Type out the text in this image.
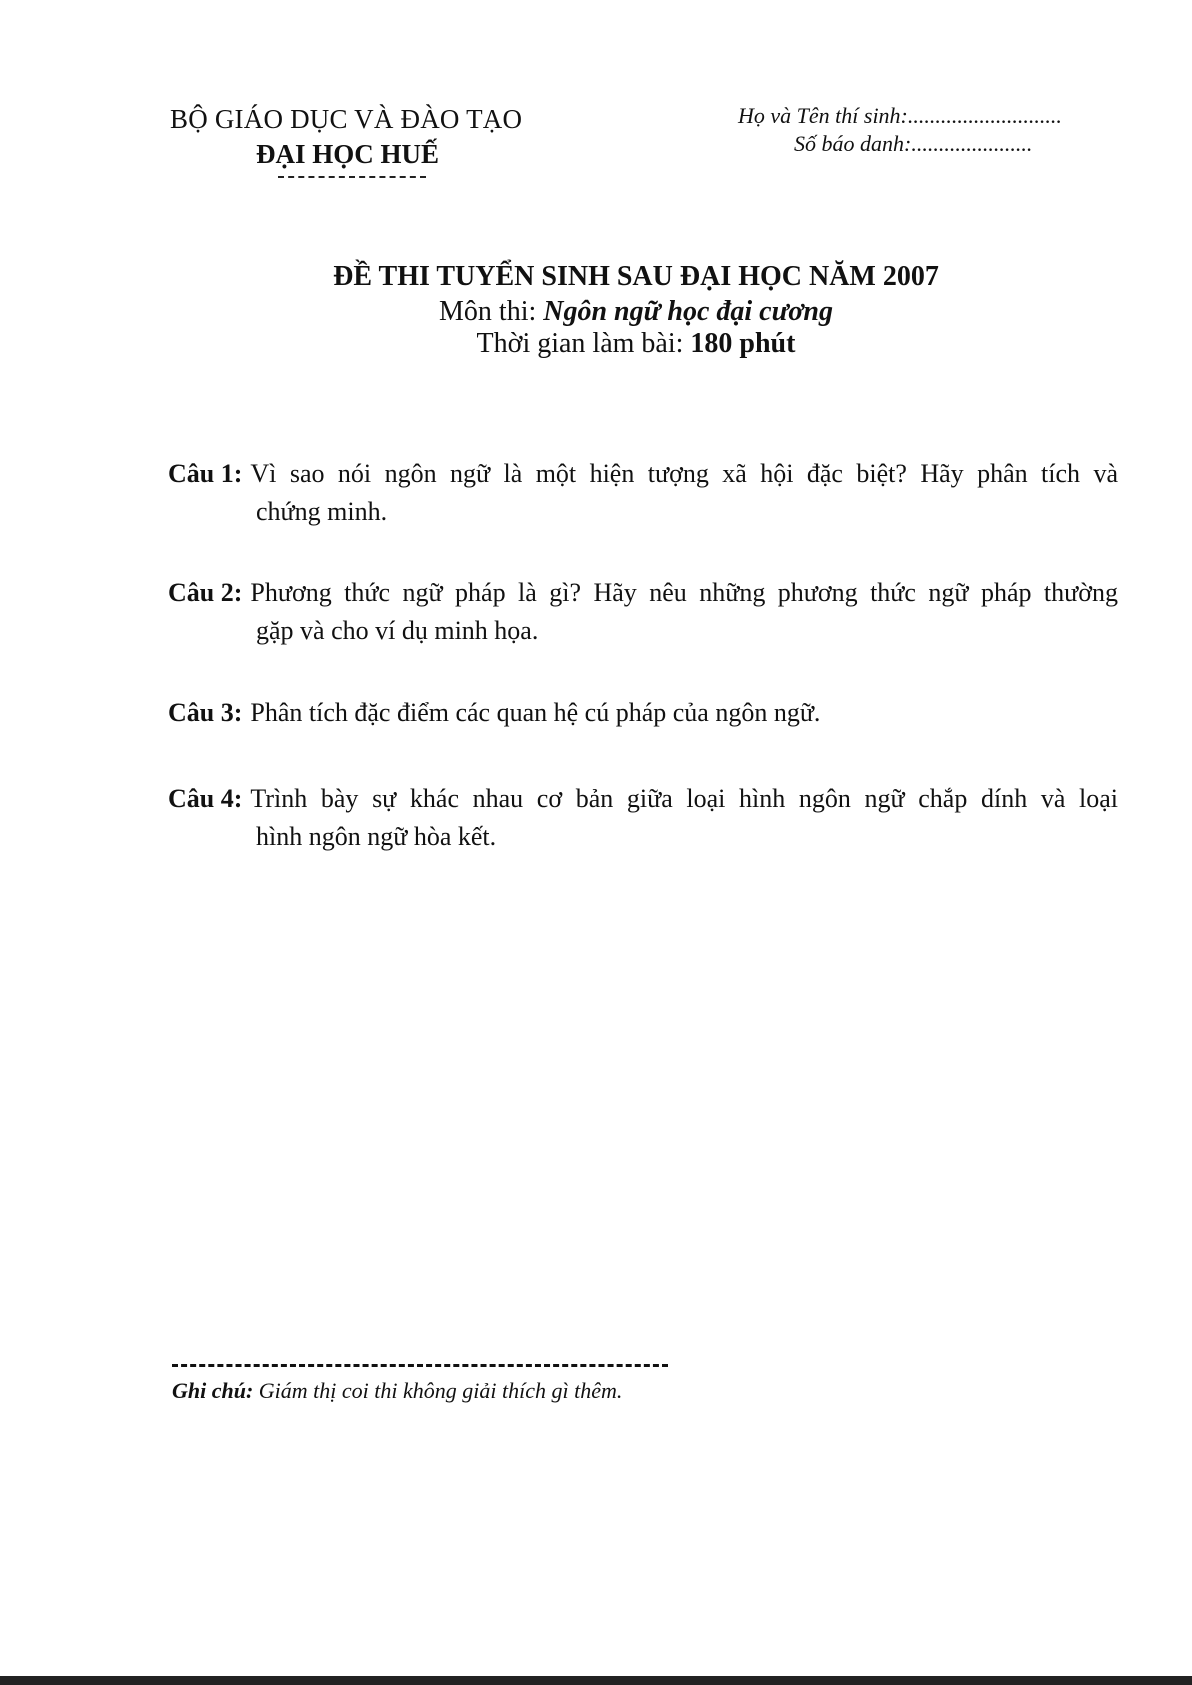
BỘ GIÁO DỤC VÀ ĐÀO TẠO
ĐẠI HỌC HUẾ
Họ và Tên thí sinh:............................
Số báo danh:......................
ĐỀ THI TUYỂN SINH SAU ĐẠI HỌC NĂM 2007
Môn thi: Ngôn ngữ học đại cương
Thời gian làm bài: 180 phút
Câu 1: Vì sao nói ngôn ngữ là một hiện tượng xã hội đặc biệt? Hãy phân tích và
chứng minh.
Câu 2: Phương thức ngữ pháp là gì? Hãy nêu những phương thức ngữ pháp thường
gặp và cho ví dụ minh họa.
Câu 3: Phân tích đặc điểm các quan hệ cú pháp của ngôn ngữ.
Câu 4: Trình bày sự khác nhau cơ bản giữa loại hình ngôn ngữ chắp dính và loại
hình ngôn ngữ hòa kết.
Ghi chú: Giám thị coi thi không giải thích gì thêm.
